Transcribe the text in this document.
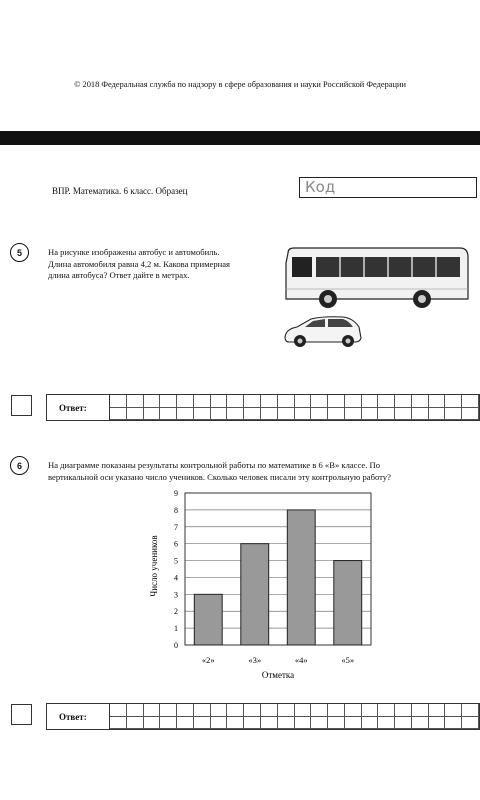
© 2018 Федеральная служба по надзору в сфере образования и науки Российской Федерации
ВПР. Математика. 6 класс. Образец	Код
5	На рисунке изображены автобус и автомобиль.
Длина автомобиля равна 4,2 м. Какова примерная
длина автобуса? Ответ дайте в метрах.
Ответ:
6	На диаграмме показаны результаты контрольной работы по математике в 6 «В» классе. По
вертикальной оси указано число учеников. Сколько человек писали эту контрольную работу?
0
1
2
3
4
5
6
7
8
9
«2»	«3»	«4»	«5»
Число учеников
Отметка
Ответ:
